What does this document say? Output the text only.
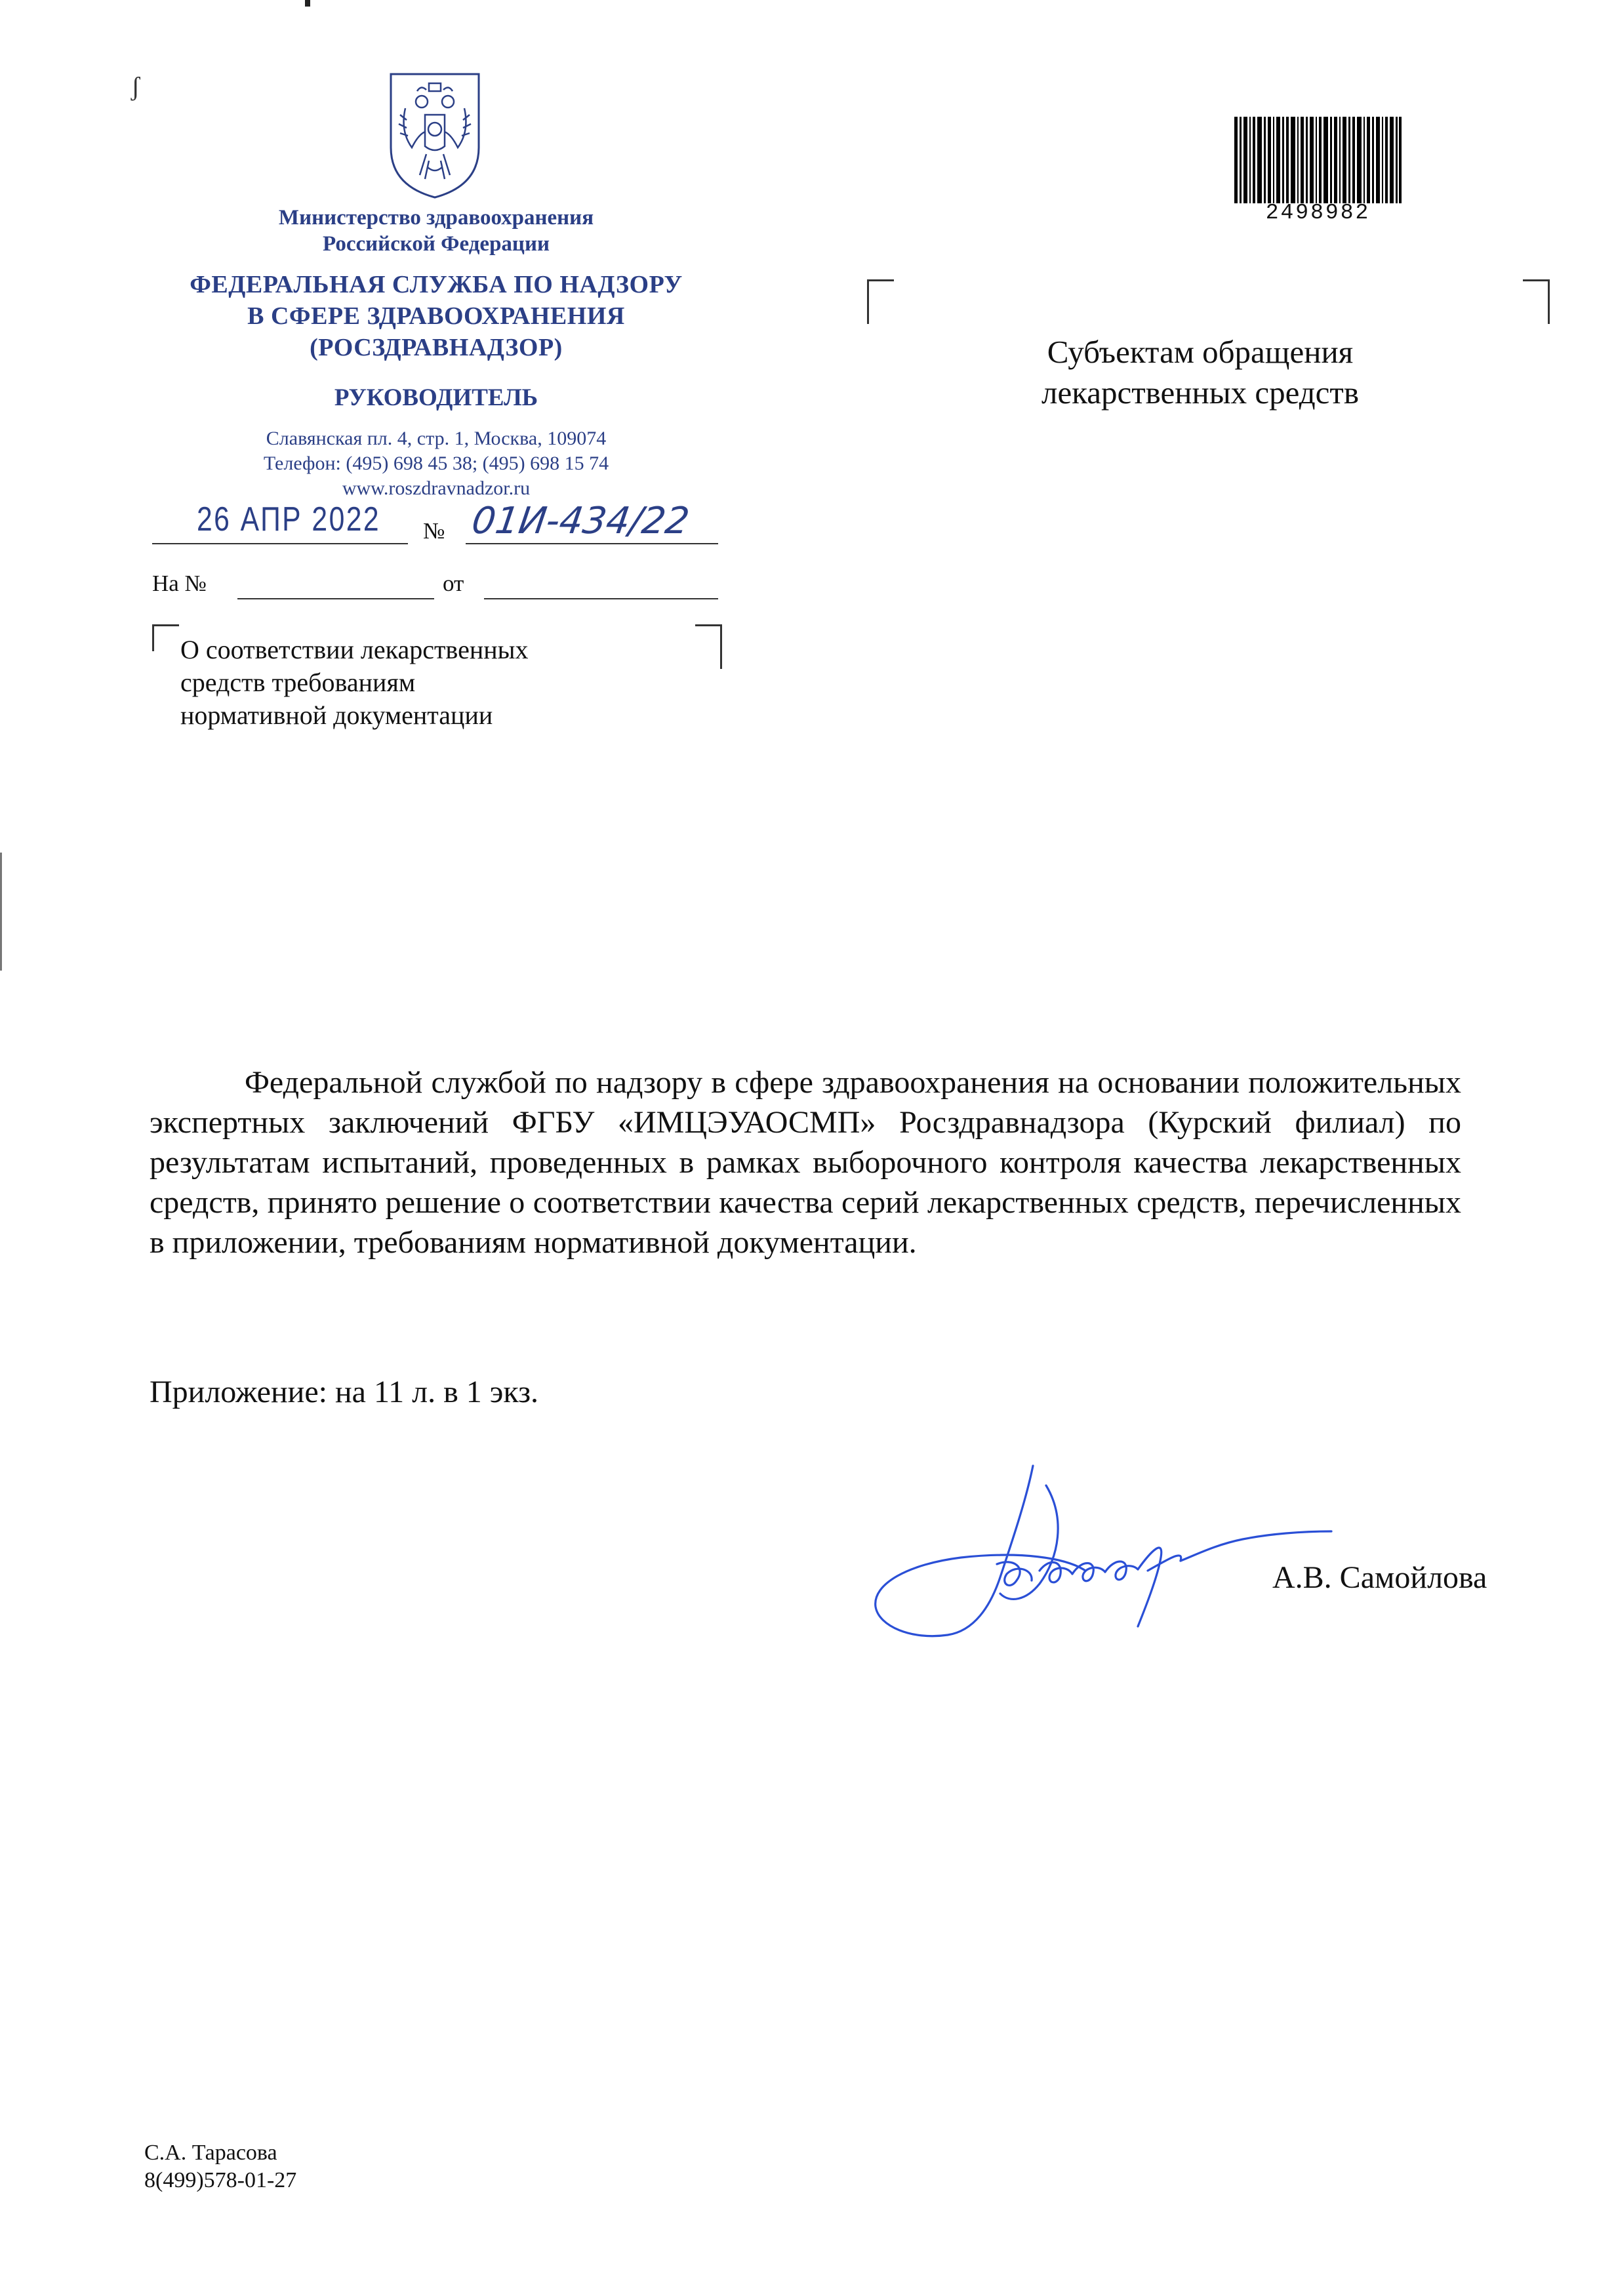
ʃ
Министерство здравоохранения
Российской Федерации
ФЕДЕРАЛЬНАЯ СЛУЖБА ПО НАДЗОРУ
В СФЕРЕ ЗДРАВООХРАНЕНИЯ
(РОСЗДРАВНАДЗОР)
РУКОВОДИТЕЛЬ
Славянская пл. 4, стр. 1, Москва, 109074
Телефон: (495) 698 45 38; (495) 698 15 74
www.roszdravnadzor.ru
26 АПР 2022 № 01И-434/22
На №	от
О соответствии лекарственных
средств требованиям
нормативной документации
2498982
Субъектам обращения
лекарственных средств
Федеральной службой по надзору в сфере здравоохранения на основании положительных экспертных заключений ФГБУ «ИМЦЭУАОСМП» Росздравнадзора (Курский филиал) по результатам испытаний, проведенных в рамках выборочного контроля качества лекарственных средств, принято решение о соответствии качества серий лекарственных средств, перечисленных в приложении, требованиям нормативной документации.
Приложение: на 11 л. в 1 экз.
А.В. Самойлова
С.А. Тарасова
8(499)578-01-27
